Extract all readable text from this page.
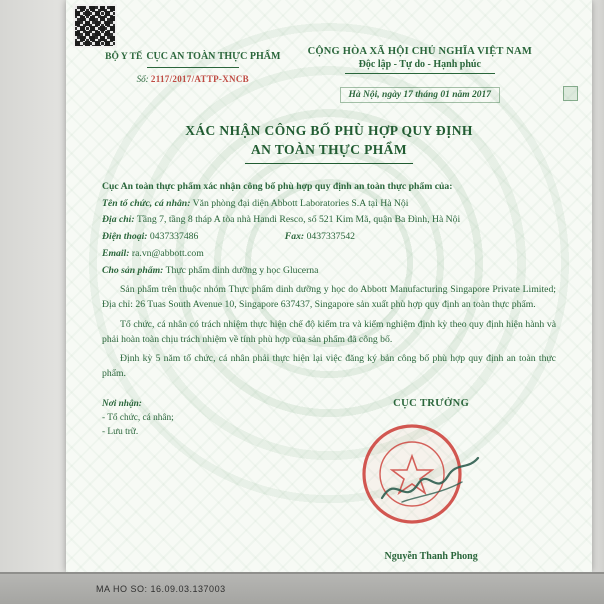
BỘ Y TẾ CỤC AN TOÀN THỰC PHẨM
Số: 2117/2017/ATTP-XNCB
CỘNG HÒA XÃ HỘI CHỦ NGHĨA VIỆT NAM
Độc lập - Tự do - Hạnh phúc
Hà Nội, ngày 17 tháng 01 năm 2017
XÁC NHẬN CÔNG BỐ PHÙ HỢP QUY ĐỊNH
AN TOÀN THỰC PHẨM
Cục An toàn thực phẩm xác nhận công bố phù hợp quy định an toàn thực phẩm của:
Tên tổ chức, cá nhân: Văn phòng đại diện Abbott Laboratories S.A tại Hà Nội
Địa chỉ: Tầng 7, tầng 8 tháp A tòa nhà Handi Resco, số 521 Kim Mã, quận Ba Đình, Hà Nội
Điện thoại: 0437337486	Fax: 0437337542
Email: ra.vn@abbott.com
Cho sản phẩm: Thực phẩm dinh dưỡng y học Glucerna

Sản phẩm trên thuộc nhóm Thực phẩm dinh dưỡng y học do Abbott Manufacturing Singapore Private Limited; Địa chỉ: 26 Tuas South Avenue 10, Singapore 637437, Singapore sản xuất phù hợp quy định an toàn thực phẩm.

Tổ chức, cá nhân có trách nhiệm thực hiện chế độ kiểm tra và kiểm nghiệm định kỳ theo quy định hiện hành và phải hoàn toàn chịu trách nhiệm về tính phù hợp của sản phẩm đã công bố.

Định kỳ 5 năm tổ chức, cá nhân phải thực hiện lại việc đăng ký bản công bố phù hợp quy định an toàn thực phẩm.

Nơi nhận:
- Tổ chức, cá nhân;
- Lưu trữ.
CỤC TRƯỞNG
Nguyễn Thanh Phong
MA HO SO: 16.09.03.137003
